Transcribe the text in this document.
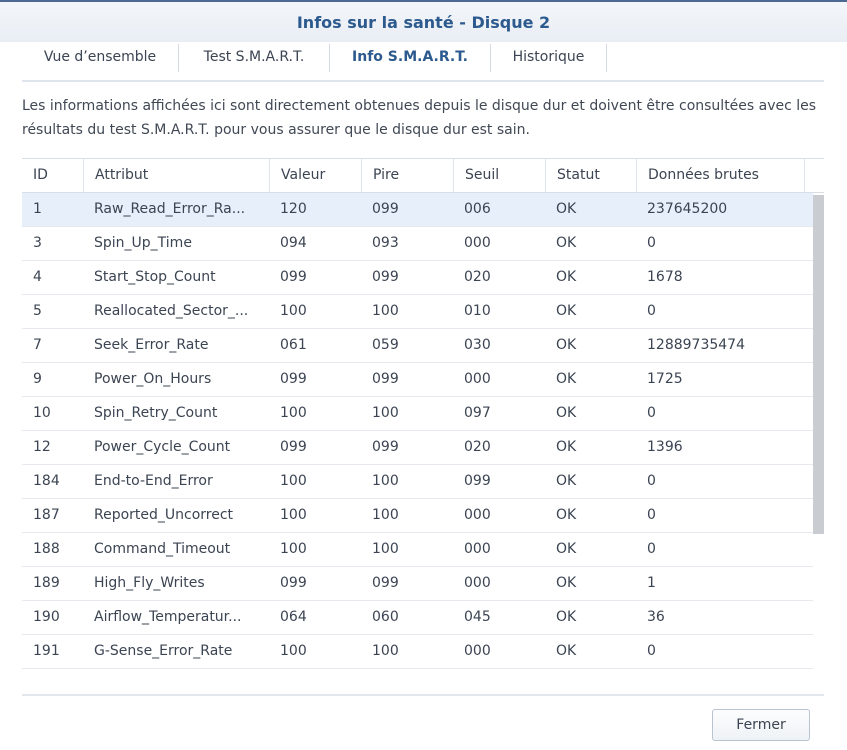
Infos sur la santé - Disque 2
Vue d’ensemble	Test S.M.A.R.T.	Info S.M.A.R.T.	Historique
Les informations affichées ici sont directement obtenues depuis le disque dur et doivent être consultées avec les résultats du test S.M.A.R.T. pour vous assurer que le disque dur est sain.
ID	Attribut	Valeur	Pire	Seuil	Statut	Données brutes
1	Raw_Read_Error_Ra...	120	099	006	OK	237645200
3	Spin_Up_Time	094	093	000	OK	0
4	Start_Stop_Count	099	099	020	OK	1678
5	Reallocated_Sector_...	100	100	010	OK	0
7	Seek_Error_Rate	061	059	030	OK	12889735474
9	Power_On_Hours	099	099	000	OK	1725
10	Spin_Retry_Count	100	100	097	OK	0
12	Power_Cycle_Count	099	099	020	OK	1396
184	End-to-End_Error	100	100	099	OK	0
187	Reported_Uncorrect	100	100	000	OK	0
188	Command_Timeout	100	100	000	OK	0
189	High_Fly_Writes	099	099	000	OK	1
190	Airflow_Temperatur...	064	060	045	OK	36
191	G-Sense_Error_Rate	100	100	000	OK	0
Fermer
